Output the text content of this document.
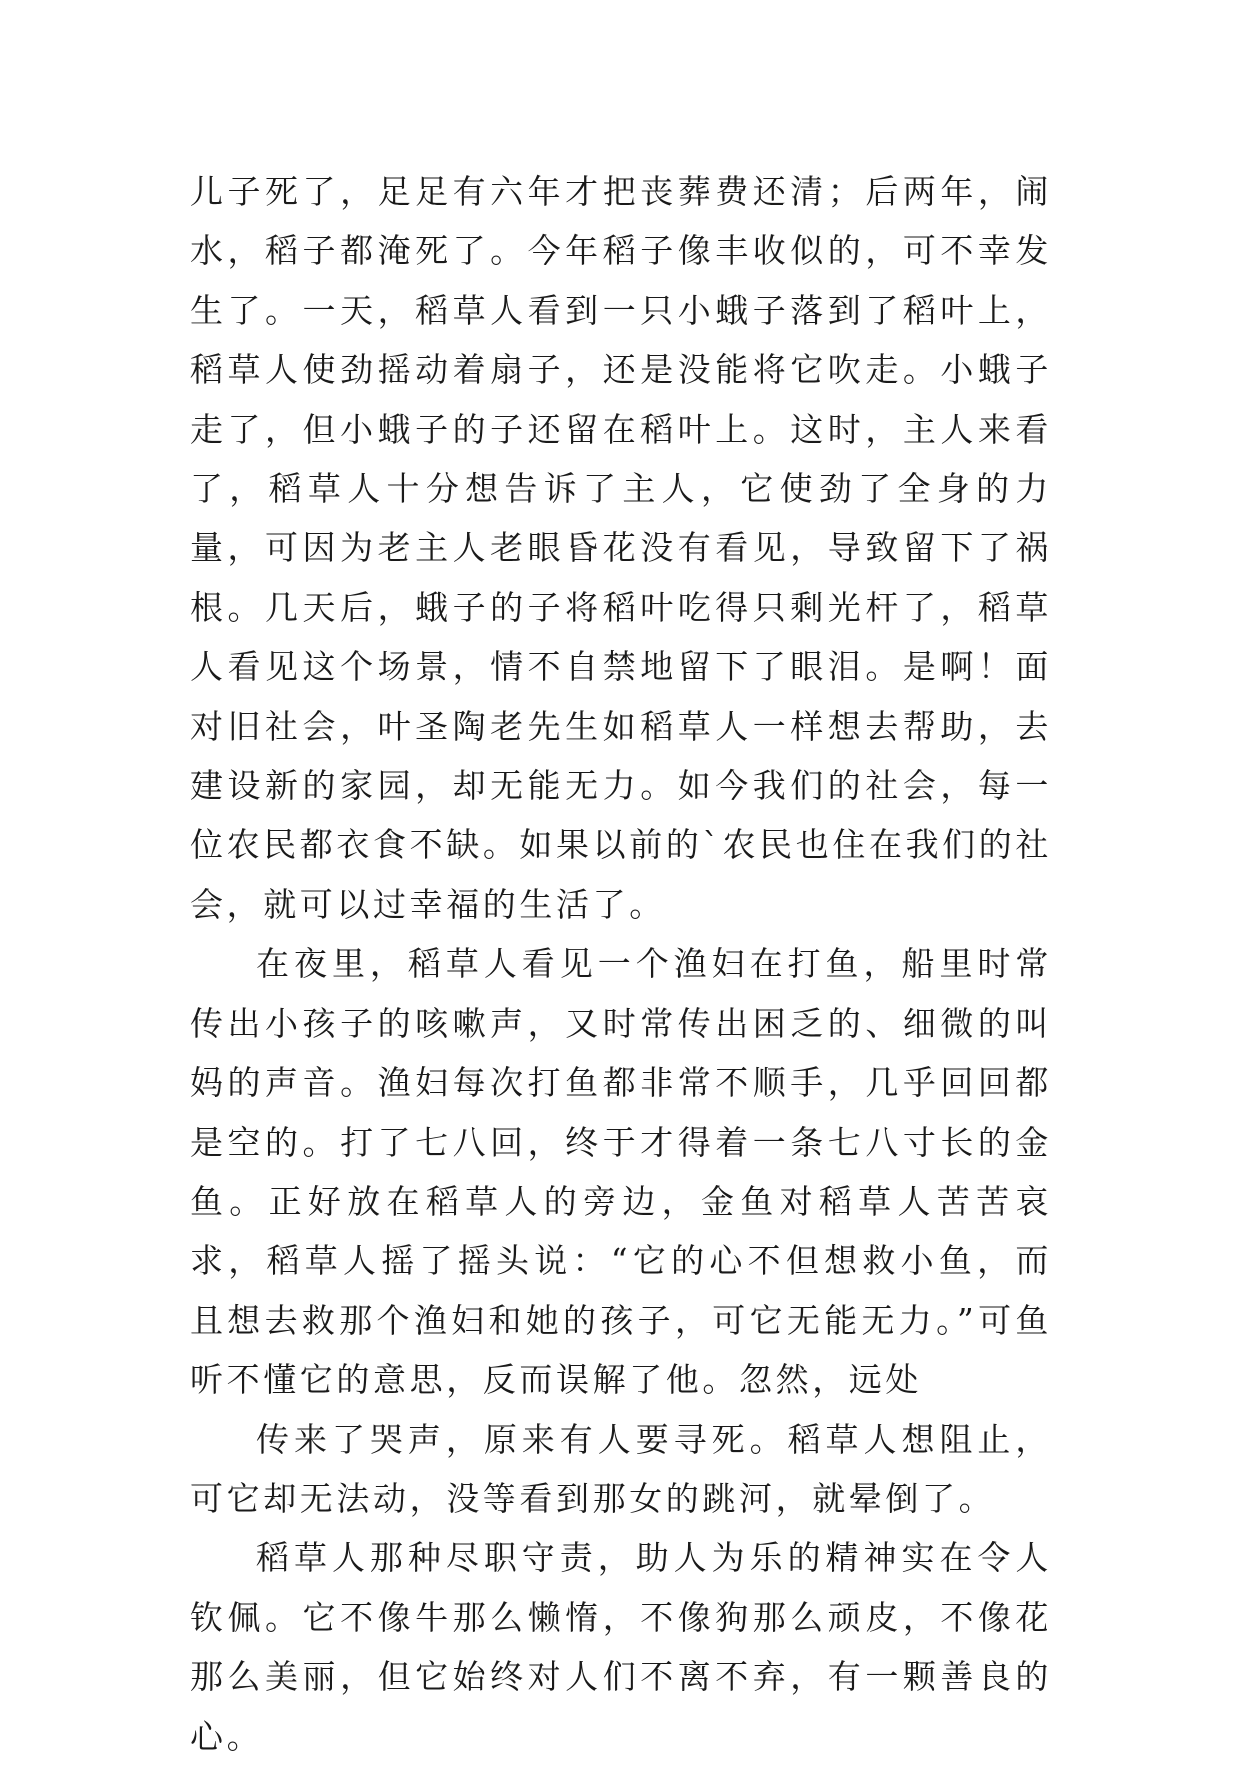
儿子死了，足足有六年才把丧葬费还清；后两年，闹水，稻子都淹死了。今年稻子像丰收似的，可不幸发生了。一天，稻草人看到一只小蛾子落到了稻叶上，稻草人使劲摇动着扇子，还是没能将它吹走。小蛾子走了，但小蛾子的子还留在稻叶上。这时，主人来看了，稻草人十分想告诉了主人，它使劲了全身的力量，可因为老主人老眼昏花没有看见，导致留下了祸根。几天后，蛾子的子将稻叶吃得只剩光杆了，稻草人看见这个场景，情不自禁地留下了眼泪。是啊！面对旧社会，叶圣陶老先生如稻草人一样想去帮助，去建设新的家园，却无能无力。如今我们的社会，每一位农民都衣食不缺。如果以前的`农民也住在我们的社会，就可以过幸福的生活了。

在夜里，稻草人看见一个渔妇在打鱼，船里时常传出小孩子的咳嗽声，又时常传出困乏的、细微的叫妈的声音。渔妇每次打鱼都非常不顺手，几乎回回都是空的。打了七八回，终于才得着一条七八寸长的金鱼。正好放在稻草人的旁边，金鱼对稻草人苦苦哀求，稻草人摇了摇头说：“它的心不但想救小鱼，而且想去救那个渔妇和她的孩子，可它无能无力。”可鱼听不懂它的意思，反而误解了他。忽然，远处

传来了哭声，原来有人要寻死。稻草人想阻止，可它却无法动，没等看到那女的跳河，就晕倒了。

稻草人那种尽职守责，助人为乐的精神实在令人钦佩。它不像牛那么懒惰，不像狗那么顽皮，不像花那么美丽，但它始终对人们不离不弃，有一颗善良的心。
